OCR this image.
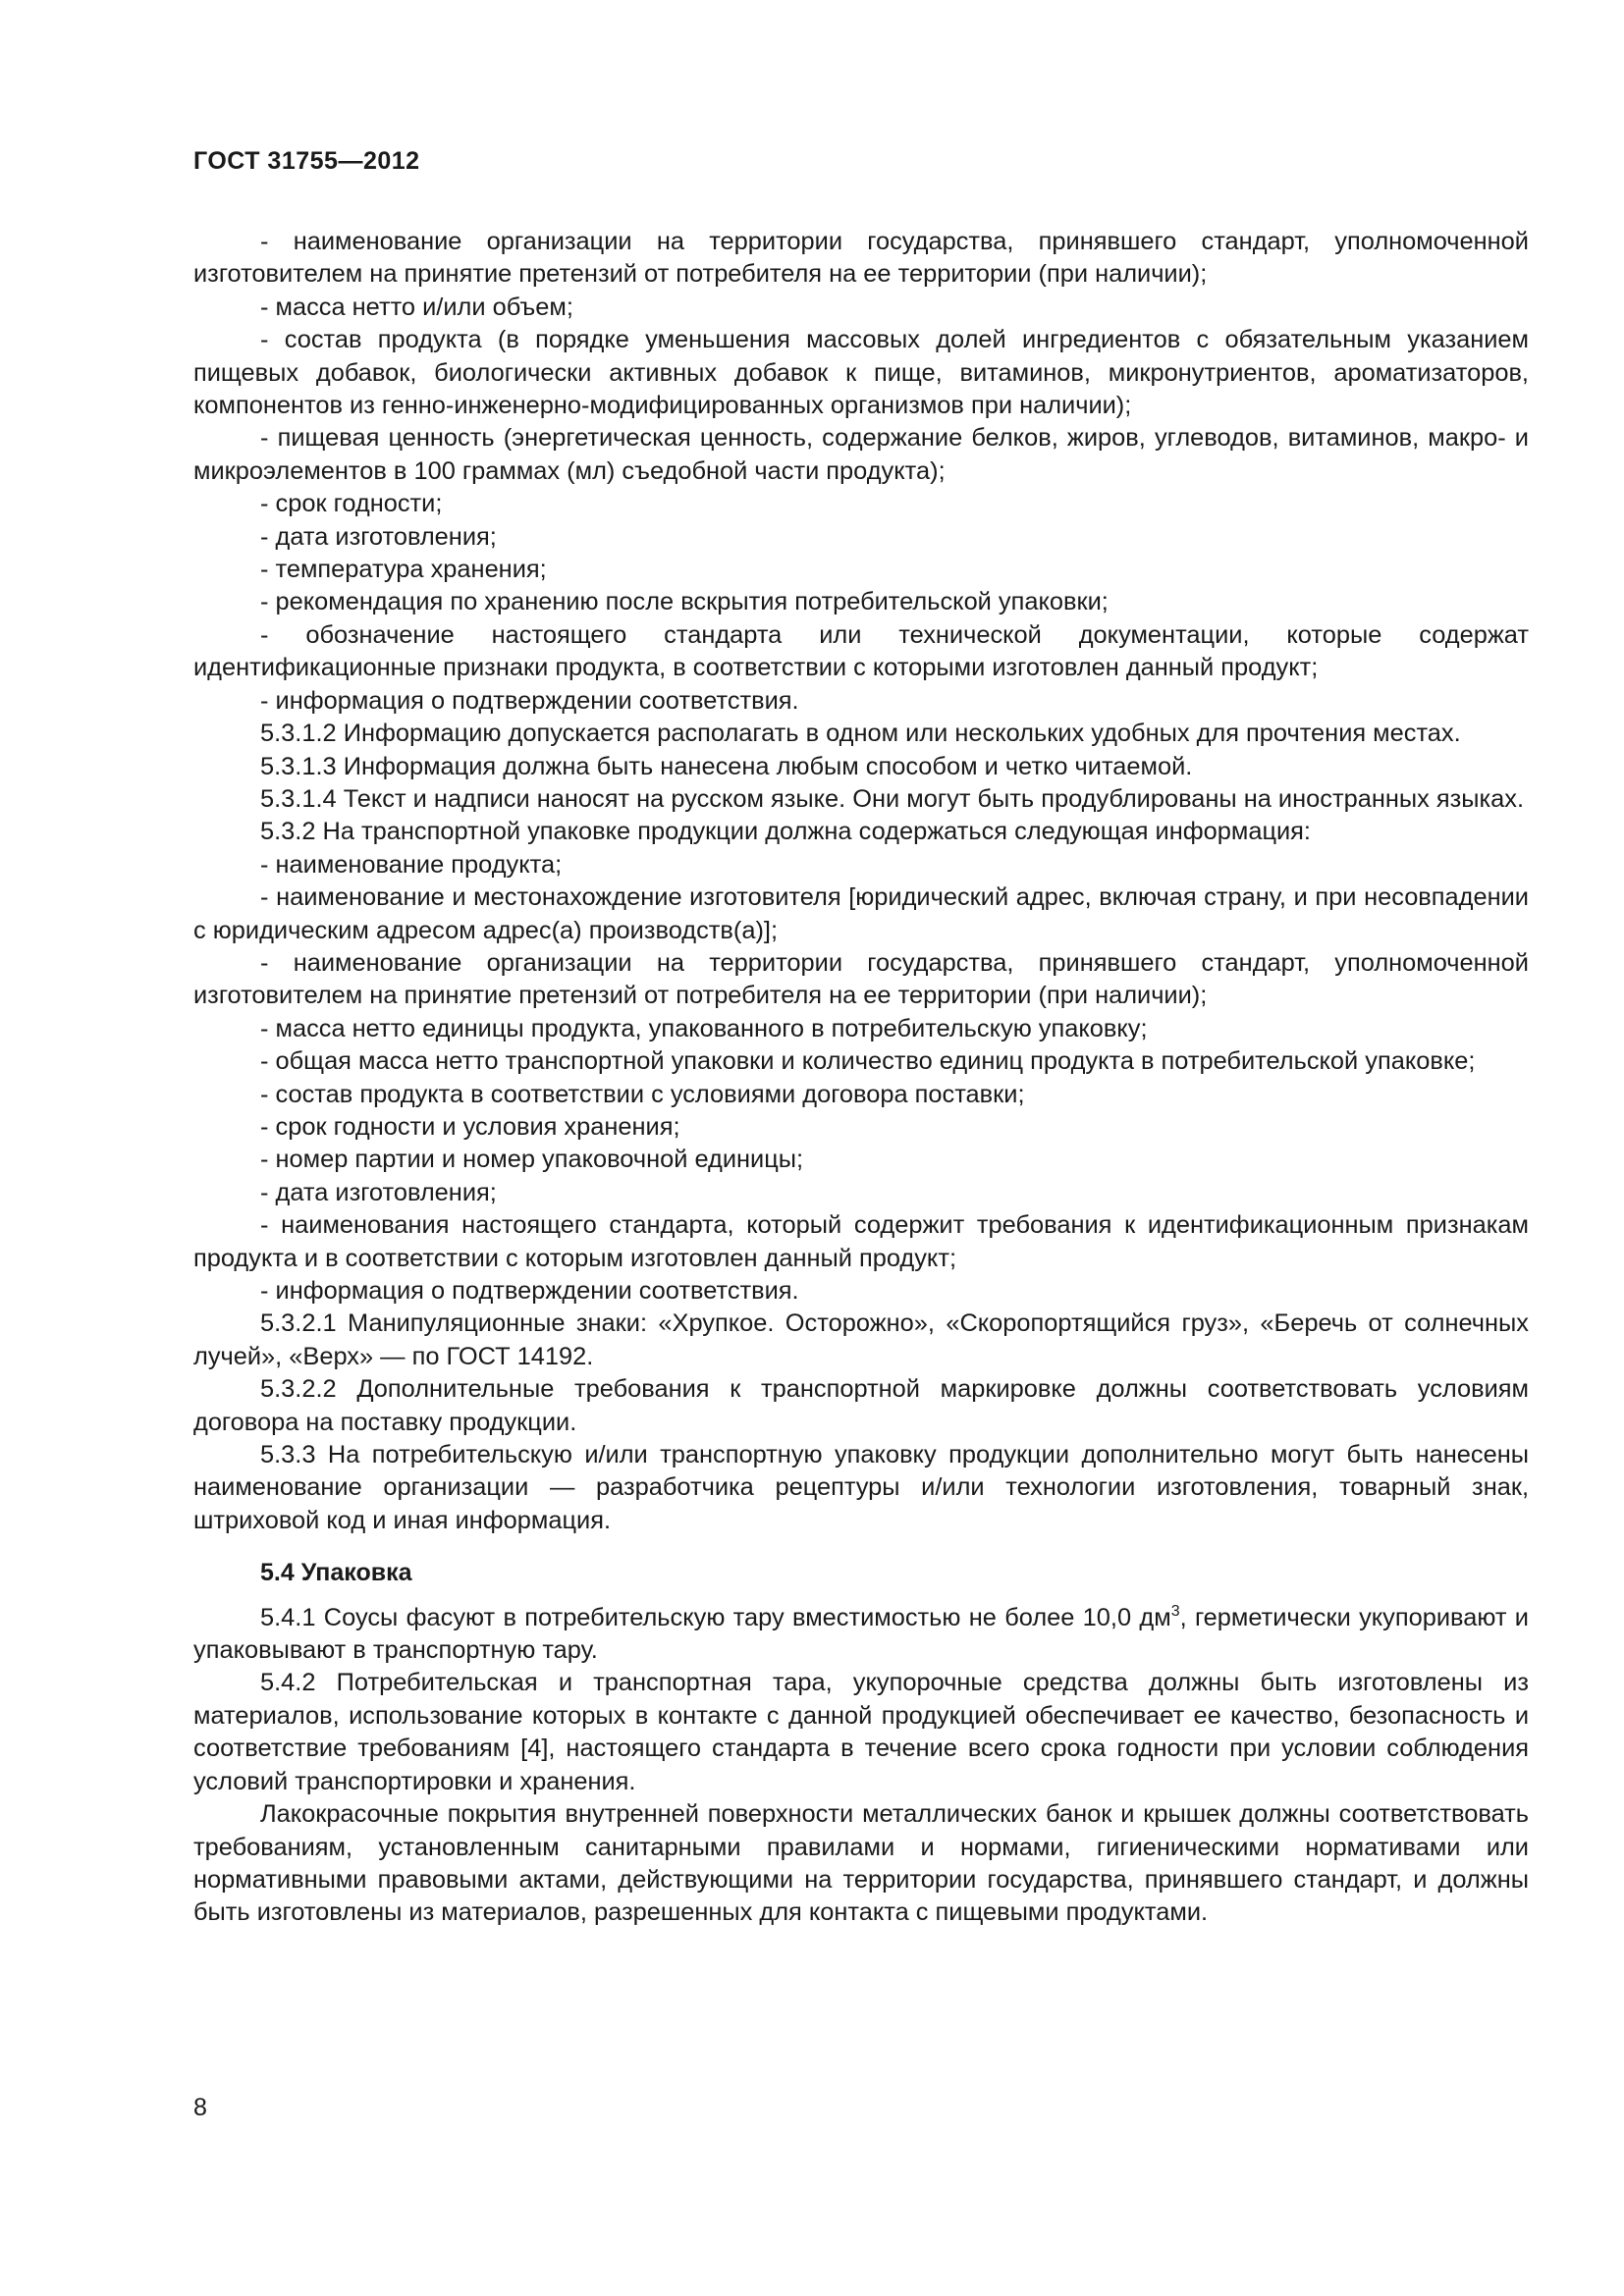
ГОСТ 31755—2012

- наименование организации на территории государства, принявшего стандарт, уполномоченной изготовителем на принятие претензий от потребителя на ее территории (при наличии);

- масса нетто и/или объем;

- состав продукта (в порядке уменьшения массовых долей ингредиентов с обязательным указанием пищевых добавок, биологически активных добавок к пище, витаминов, микронутриентов, ароматизаторов, компонентов из генно-инженерно-модифицированных организмов при наличии);

- пищевая ценность (энергетическая ценность, содержание белков, жиров, углеводов, витаминов, макро- и микроэлементов в 100 граммах (мл) съедобной части продукта);

- срок годности;

- дата изготовления;

- температура хранения;

- рекомендация по хранению после вскрытия потребительской упаковки;

- обозначение настоящего стандарта или технической документации, которые содержат идентификационные признаки продукта, в соответствии с которыми изготовлен данный продукт;

- информация о подтверждении соответствия.

5.3.1.2 Информацию допускается располагать в одном или нескольких удобных для прочтения местах.

5.3.1.3 Информация должна быть нанесена любым способом и четко читаемой.

5.3.1.4 Текст и надписи наносят на русском языке. Они могут быть продублированы на иностранных языках.

5.3.2 На транспортной упаковке продукции должна содержаться следующая информация:

- наименование продукта;

- наименование и местонахождение изготовителя [юридический адрес, включая страну, и при несовпадении с юридическим адресом адрес(а) производств(а)];

- наименование организации на территории государства, принявшего стандарт, уполномоченной изготовителем на принятие претензий от потребителя на ее территории (при наличии);

- масса нетто единицы продукта, упакованного в потребительскую упаковку;

- общая масса нетто транспортной упаковки и количество единиц продукта в потребительской упаковке;

- состав продукта в соответствии с условиями договора поставки;

- срок годности и условия хранения;

- номер партии и номер упаковочной единицы;

- дата изготовления;

- наименования настоящего стандарта, который содержит требования к идентификационным признакам продукта и в соответствии с которым изготовлен данный продукт;

- информация о подтверждении соответствия.

5.3.2.1 Манипуляционные знаки: «Хрупкое. Осторожно», «Скоропортящийся груз», «Беречь от солнечных лучей», «Верх» — по ГОСТ 14192.

5.3.2.2 Дополнительные требования к транспортной маркировке должны соответствовать условиям договора на поставку продукции.

5.3.3 На потребительскую и/или транспортную упаковку продукции дополнительно могут быть нанесены наименование организации — разработчика рецептуры и/или технологии изготовления, товарный знак, штриховой код и иная информация.

5.4 Упаковка

5.4.1 Соусы фасуют в потребительскую тару вместимостью не более 10,0 $дм^3$, герметически укупоривают и упаковывают в транспортную тару.

5.4.2 Потребительская и транспортная тара, укупорочные средства должны быть изготовлены из материалов, использование которых в контакте с данной продукцией обеспечивает ее качество, безопасность и соответствие требованиям [4], настоящего стандарта в течение всего срока годности при условии соблюдения условий транспортировки и хранения.

Лакокрасочные покрытия внутренней поверхности металлических банок и крышек должны соответствовать требованиям, установленным санитарными правилами и нормами, гигиеническими нормативами или нормативными правовыми актами, действующими на территории государства, принявшего стандарт, и должны быть изготовлены из материалов, разрешенных для контакта с пищевыми продуктами.

8
